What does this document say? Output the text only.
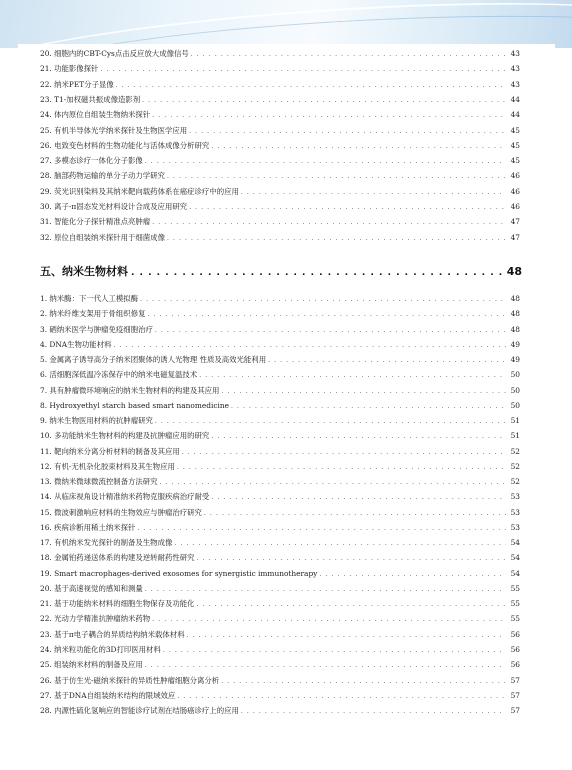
20. 细胞内的CBT-Cys点击反应放大成像信号 . . .	43
21. 功能影像探针 . . .	43
22. 纳米PET分子显像 . . .	43
23. T1-加权磁共振成像造影剂 . . .	44
24. 体内原位自组装生物纳米探针 . . .	44
25. 有机半导体光学纳米探针及生物医学应用 . . .	45
26. 电致变色材料的生物功能化与活体成像分析研究 . . .	45
27. 多模态诊疗一体化分子影像 . . .	45
28. 脑部药物运输的单分子动力学研究 . . .	46
29. 荧光识别染料及其纳米靶向载药体系在癌症诊疗中的应用 . . .	46
30. 离子-π固态发光材料设计合成及应用研究 . . .	46
31. 智能化分子探针精准点亮肿瘤 . . .	47
32. 原位自组装纳米探针用于细菌成像 . . .	47
五、纳米生物材料 . . .	48
1. 纳米酶：下一代人工模拟酶 . . .	48
2. 纳米纤维支架用于骨组织修复 . . .	48
3. 硒纳米医学与肿瘤免疫细胞治疗 . . .	48
4. DNA生物功能材料 . . .	49
5. 金属离子诱导高分子纳米团聚体的诱人光物理 性质及高效光能利用 . . .	49
6. 活细胞深低温冷冻保存中的纳米电磁复温技术 . . .	50
7. 具有肿瘤微环境响应的纳米生物材料的构建及其应用 . . .	50
8. Hydroxyethyl starch based smart nanomedicine . . .	50
9. 纳米生物医用材料的抗肿瘤研究 . . .	51
10. 多功能纳米生物材料的构建及抗肿瘤应用的研究 . . .	51
11. 靶向纳米分离分析材料的制备及其应用 . . .	52
12. 有机-无机杂化胶束材料及其生物应用 . . .	52
13. 微纳米微球微流控制备方法研究 . . .	52
14. 从临床视角设计精准纳米药物克服疾病治疗耐受 . . .	53
15. 微波刺激响应材料的生物效应与肿瘤治疗研究 . . .	53
16. 疾病诊断用稀土纳米探针 . . .	53
17. 有机纳米发光探针的制备及生物成像 . . .	54
18. 金属铂药递送体系的构建及逆转耐药性研究 . . .	54
19. Smart macrophages-derived exosomes for synergistic immunotherapy . . .	54
20. 基于高速视觉的感知和测量 . . .	55
21. 基于功能纳米材料的细胞生物保存及功能化 . . .	55
22. 光动力学精准抗肿瘤纳米药物 . . .	55
23. 基于π电子耦合的异质结构纳米载体材料 . . .	56
24. 纳米粒功能化的3D打印医用材料 . . .	56
25. 组装纳米材料的制备及应用 . . .	56
26. 基于仿生光-磁纳米探针的异质性肿瘤细胞分离分析 . . .	57
27. 基于DNA自组装纳米结构的限域效应 . . .	57
28. 内源性硫化氢响应的智能诊疗试剂在结肠癌诊疗上的应用 . . .	57
